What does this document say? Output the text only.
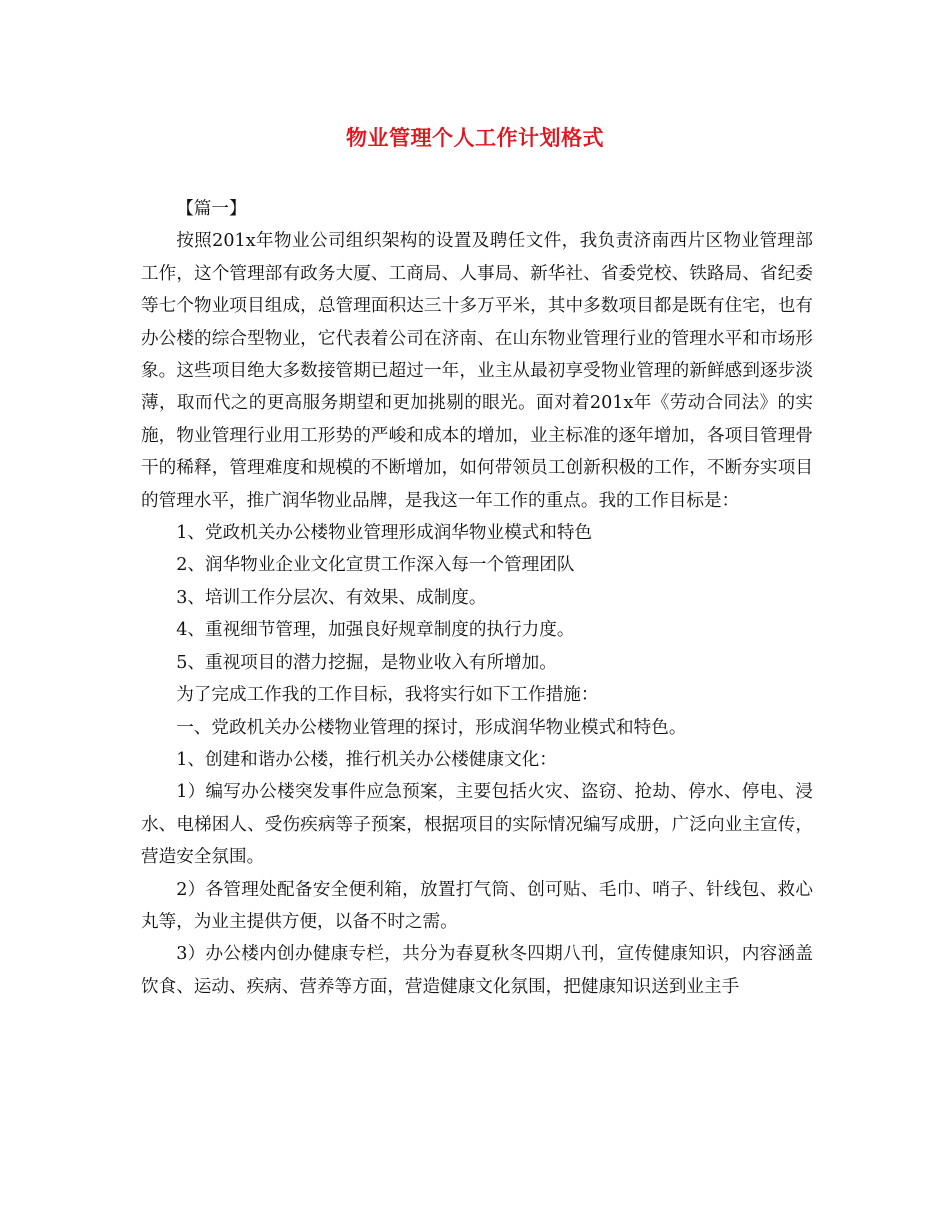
物业管理个人工作计划格式

【篇一】

按照201x年物业公司组织架构的设置及聘任文件，我负责济南西片区物业管理部工作，这个管理部有政务大厦、工商局、人事局、新华社、省委党校、铁路局、省纪委等七个物业项目组成，总管理面积达三十多万平米，其中多数项目都是既有住宅，也有办公楼的综合型物业，它代表着公司在济南、在山东物业管理行业的管理水平和市场形象。这些项目绝大多数接管期已超过一年，业主从最初享受物业管理的新鲜感到逐步淡薄，取而代之的更高服务期望和更加挑剔的眼光。面对着201x年《劳动合同法》的实施，物业管理行业用工形势的严峻和成本的增加，业主标准的逐年增加，各项目管理骨干的稀释，管理难度和规模的不断增加，如何带领员工创新积极的工作，不断夯实项目的管理水平，推广润华物业品牌，是我这一年工作的重点。我的工作目标是：

1、党政机关办公楼物业管理形成润华物业模式和特色

2、润华物业企业文化宣贯工作深入每一个管理团队

3、培训工作分层次、有效果、成制度。

4、重视细节管理，加强良好规章制度的执行力度。

5、重视项目的潜力挖掘，是物业收入有所增加。

为了完成工作我的工作目标，我将实行如下工作措施：

一、党政机关办公楼物业管理的探讨，形成润华物业模式和特色。

1、创建和谐办公楼，推行机关办公楼健康文化：

1）编写办公楼突发事件应急预案，主要包括火灾、盗窃、抢劫、停水、停电、浸水、电梯困人、受伤疾病等子预案，根据项目的实际情况编写成册，广泛向业主宣传，营造安全氛围。

2）各管理处配备安全便利箱，放置打气筒、创可贴、毛巾、哨子、针线包、救心丸等，为业主提供方便，以备不时之需。

3）办公楼内创办健康专栏，共分为春夏秋冬四期八刊，宣传健康知识，内容涵盖饮食、运动、疾病、营养等方面，营造健康文化氛围，把健康知识送到业主手
